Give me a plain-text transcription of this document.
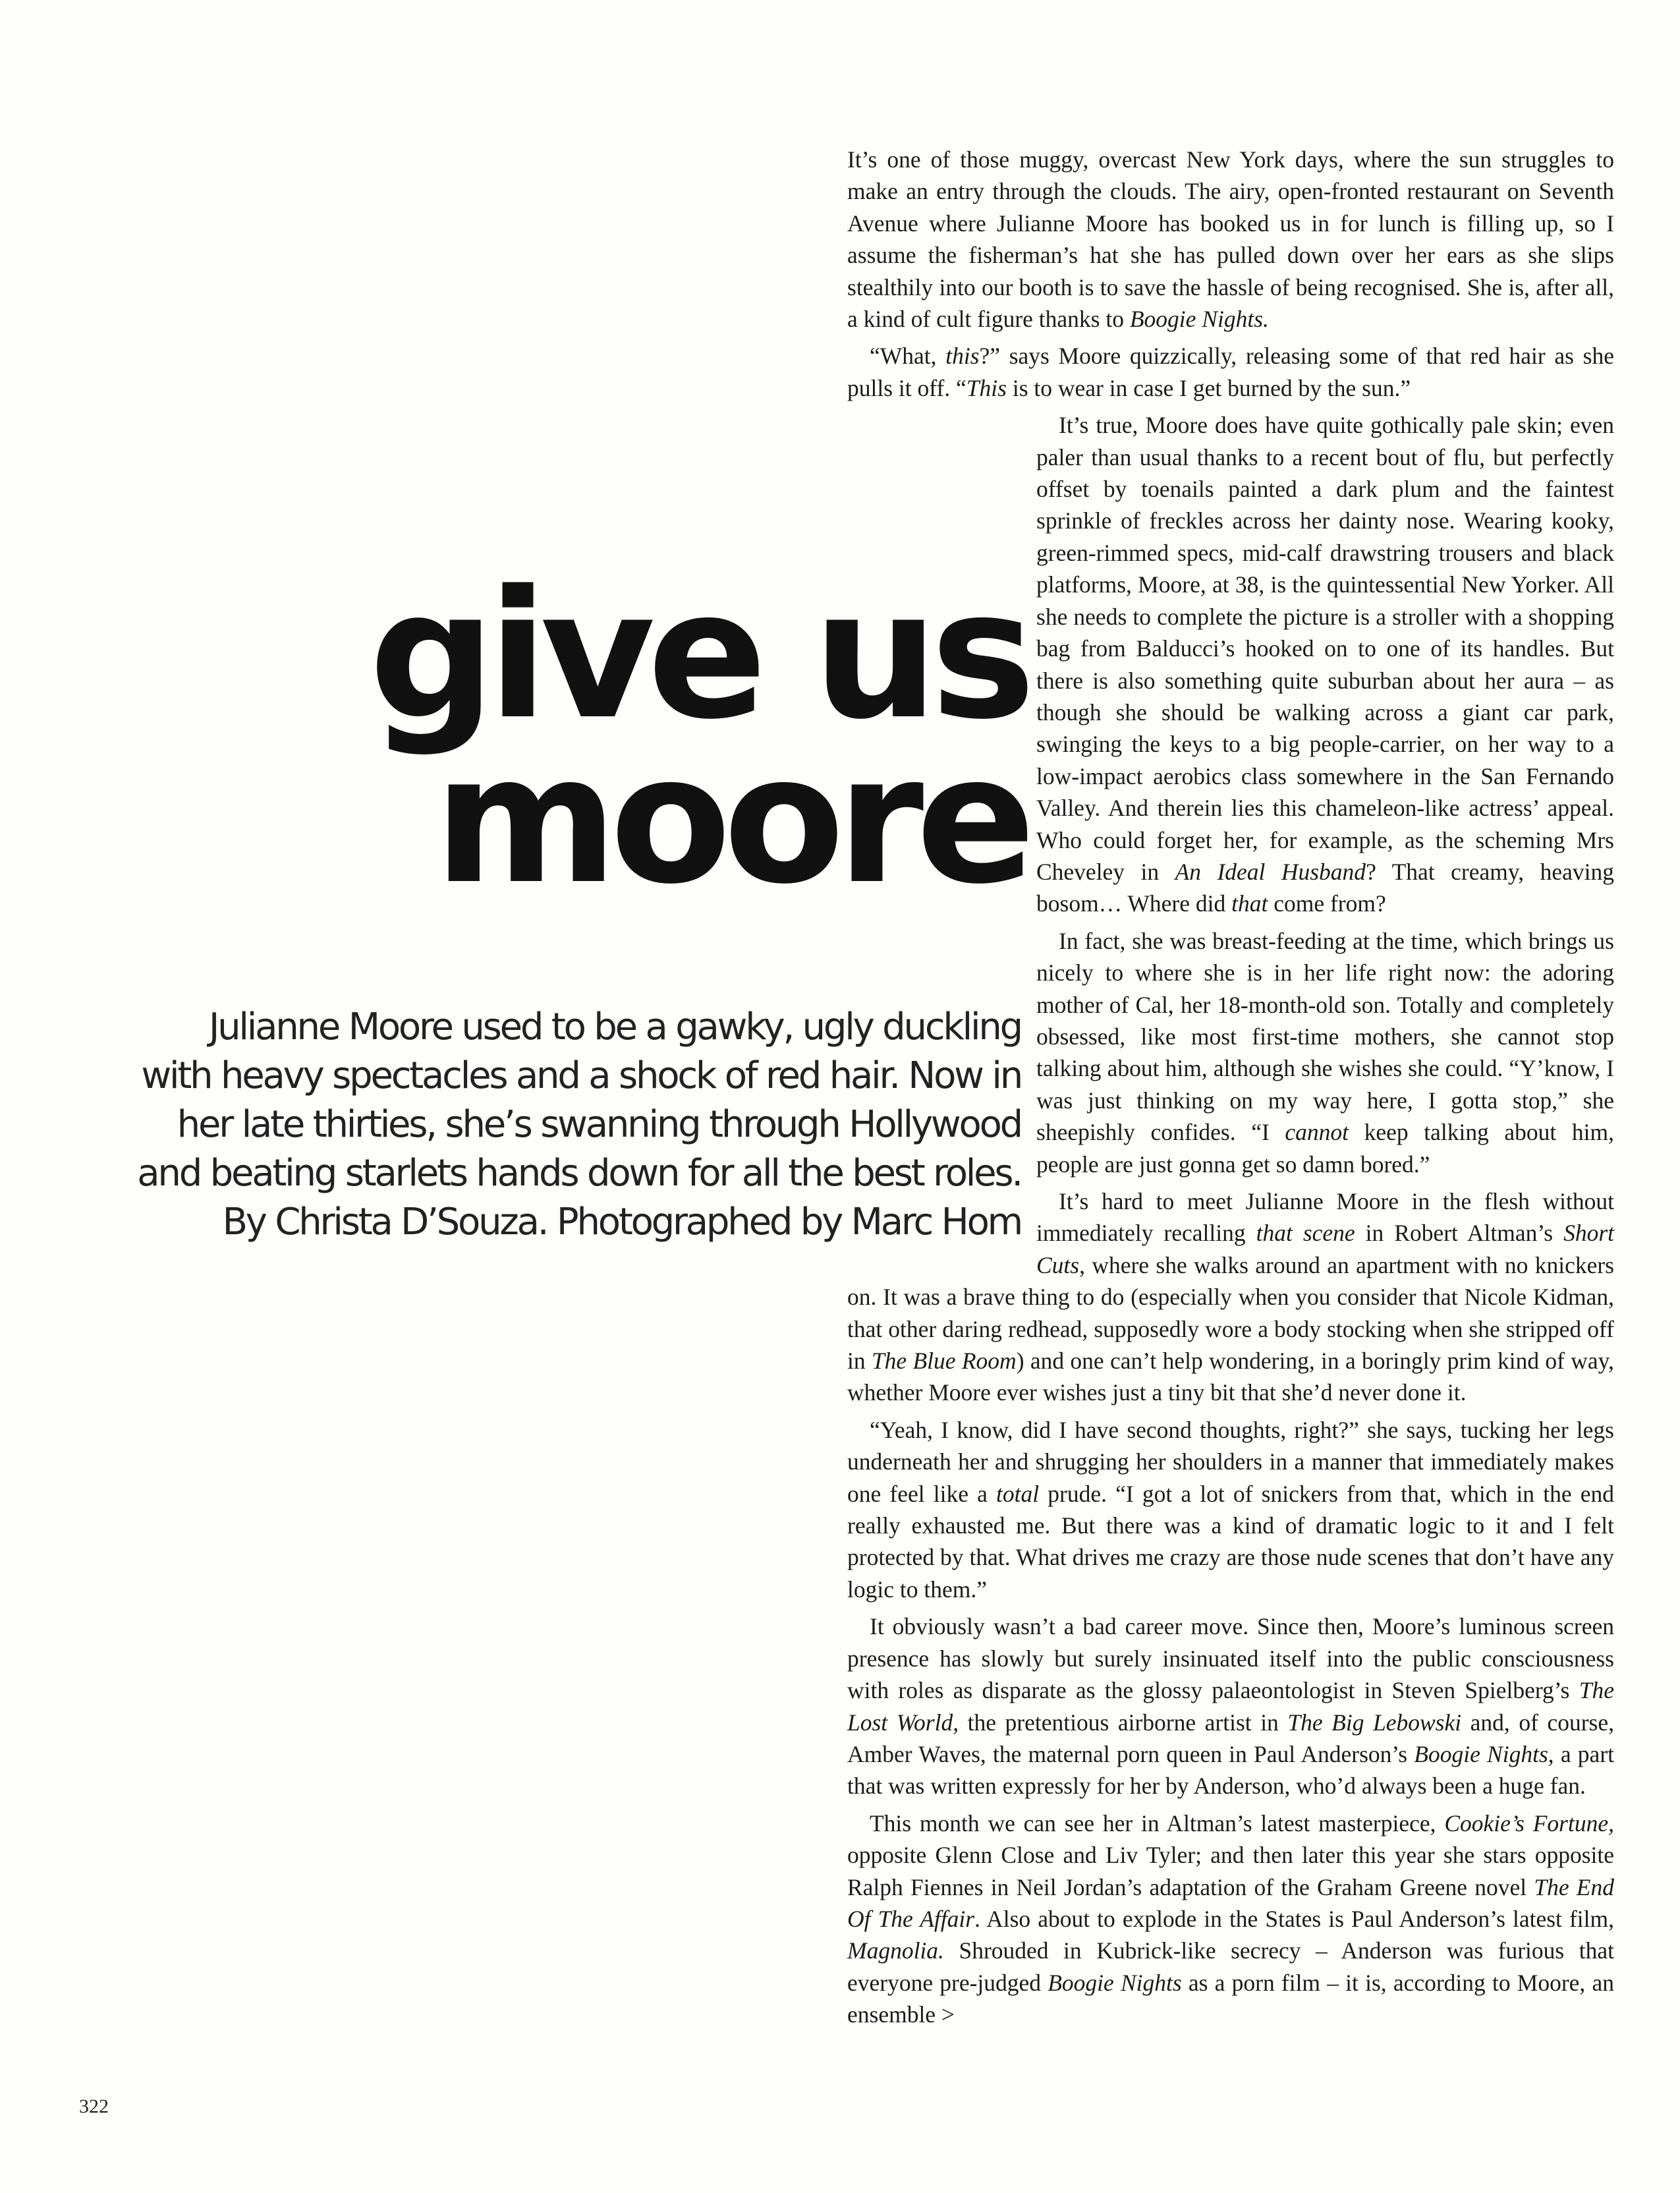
give us
moore
Julianne Moore used to be a gawky, ugly duckling
with heavy spectacles and a shock of red hair. Now in
her late thirties, she’s swanning through Hollywood
and beating starlets hands down for all the best roles.
By Christa D’Souza. Photographed by Marc Hom

It’s one of those muggy, overcast New York days, where the sun struggles to make an entry through the clouds. The airy, open-fronted restaurant on Seventh Avenue where Julianne Moore has booked us in for lunch is filling up, so I assume the fisherman’s hat she has pulled down over her ears as she slips stealthily into our booth is to save the hassle of being recognised. She is, after all, a kind of cult figure thanks to Boogie Nights.

“What, this?” says Moore quizzically, releasing some of that red hair as she pulls it off. “This is to wear in case I get burned by the sun.”

It’s true, Moore does have quite gothically pale skin; even paler than usual thanks to a recent bout of flu, but perfectly offset by toenails painted a dark plum and the faintest sprinkle of freckles across her dainty nose. Wearing kooky, green-rimmed specs, mid-calf drawstring trousers and black platforms, Moore, at 38, is the quintessential New Yorker. All she needs to complete the picture is a stroller with a shopping bag from Balducci’s hooked on to one of its handles. But there is also something quite suburban about her aura – as though she should be walking across a giant car park, swinging the keys to a big people-carrier, on her way to a low-impact aerobics class somewhere in the San Fernando Valley. And therein lies this chameleon-like actress’ appeal. Who could forget her, for example, as the scheming Mrs Cheveley in An Ideal Husband? That creamy, heaving bosom… Where did that come from?

In fact, she was breast-feeding at the time, which brings us nicely to where she is in her life right now: the adoring mother of Cal, her 18-month-old son. Totally and completely obsessed, like most first-time mothers, she cannot stop talking about him, although she wishes she could. “Y’know, I was just thinking on my way here, I gotta stop,” she sheepishly confides. “I cannot keep talking about him, people are just gonna get so damn bored.”

It’s hard to meet Julianne Moore in the flesh without immediately recalling that scene in Robert Altman’s Short Cuts, where she walks around an apartment with no knickers on. It was a brave thing to do (especially when you consider that Nicole Kidman, that other daring redhead, supposedly wore a body stocking when she stripped off in The Blue Room) and one can’t help wondering, in a boringly prim kind of way, whether Moore ever wishes just a tiny bit that she’d never done it.

“Yeah, I know, did I have second thoughts, right?” she says, tucking her legs underneath her and shrugging her shoulders in a manner that immediately makes one feel like a total prude. “I got a lot of snickers from that, which in the end really exhausted me. But there was a kind of dramatic logic to it and I felt protected by that. What drives me crazy are those nude scenes that don’t have any logic to them.”

It obviously wasn’t a bad career move. Since then, Moore’s luminous screen presence has slowly but surely insinuated itself into the public consciousness with roles as disparate as the glossy palaeontologist in Steven Spielberg’s The Lost World, the pretentious airborne artist in The Big Lebowski and, of course, Amber Waves, the maternal porn queen in Paul Anderson’s Boogie Nights, a part that was written expressly for her by Anderson, who’d always been a huge fan.

This month we can see her in Altman’s latest masterpiece, Cookie’s Fortune, opposite Glenn Close and Liv Tyler; and then later this year she stars opposite Ralph Fiennes in Neil Jordan’s adaptation of the Graham Greene novel The End Of The Affair. Also about to explode in the States is Paul Anderson’s latest film, Magnolia. Shrouded in Kubrick-like secrecy – Anderson was furious that everyone pre-judged Boogie Nights as a porn film – it is, according to Moore, an ensemble >

322
